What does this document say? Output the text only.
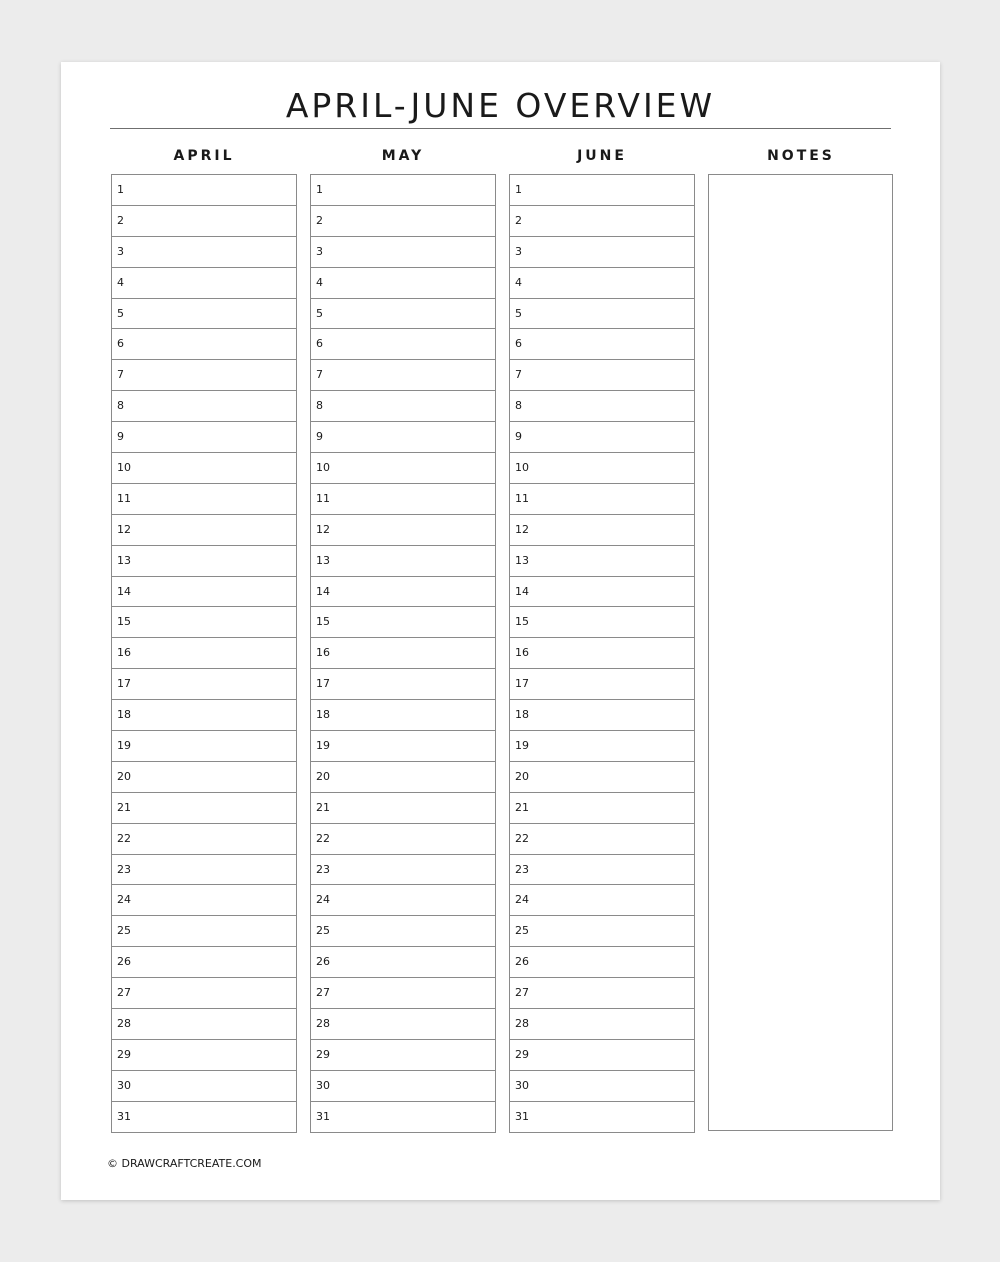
APRIL-JUNE OVERVIEW
APRIL
1
2
3
4
5
6
7
8
9
10
11
12
13
14
15
16
17
18
19
20
21
22
23
24
25
26
27
28
29
30
31
MAY
1
2
3
4
5
6
7
8
9
10
11
12
13
14
15
16
17
18
19
20
21
22
23
24
25
26
27
28
29
30
31
JUNE
1
2
3
4
5
6
7
8
9
10
11
12
13
14
15
16
17
18
19
20
21
22
23
24
25
26
27
28
29
30
31
NOTES
© DRAWCRAFTCREATE.COM
